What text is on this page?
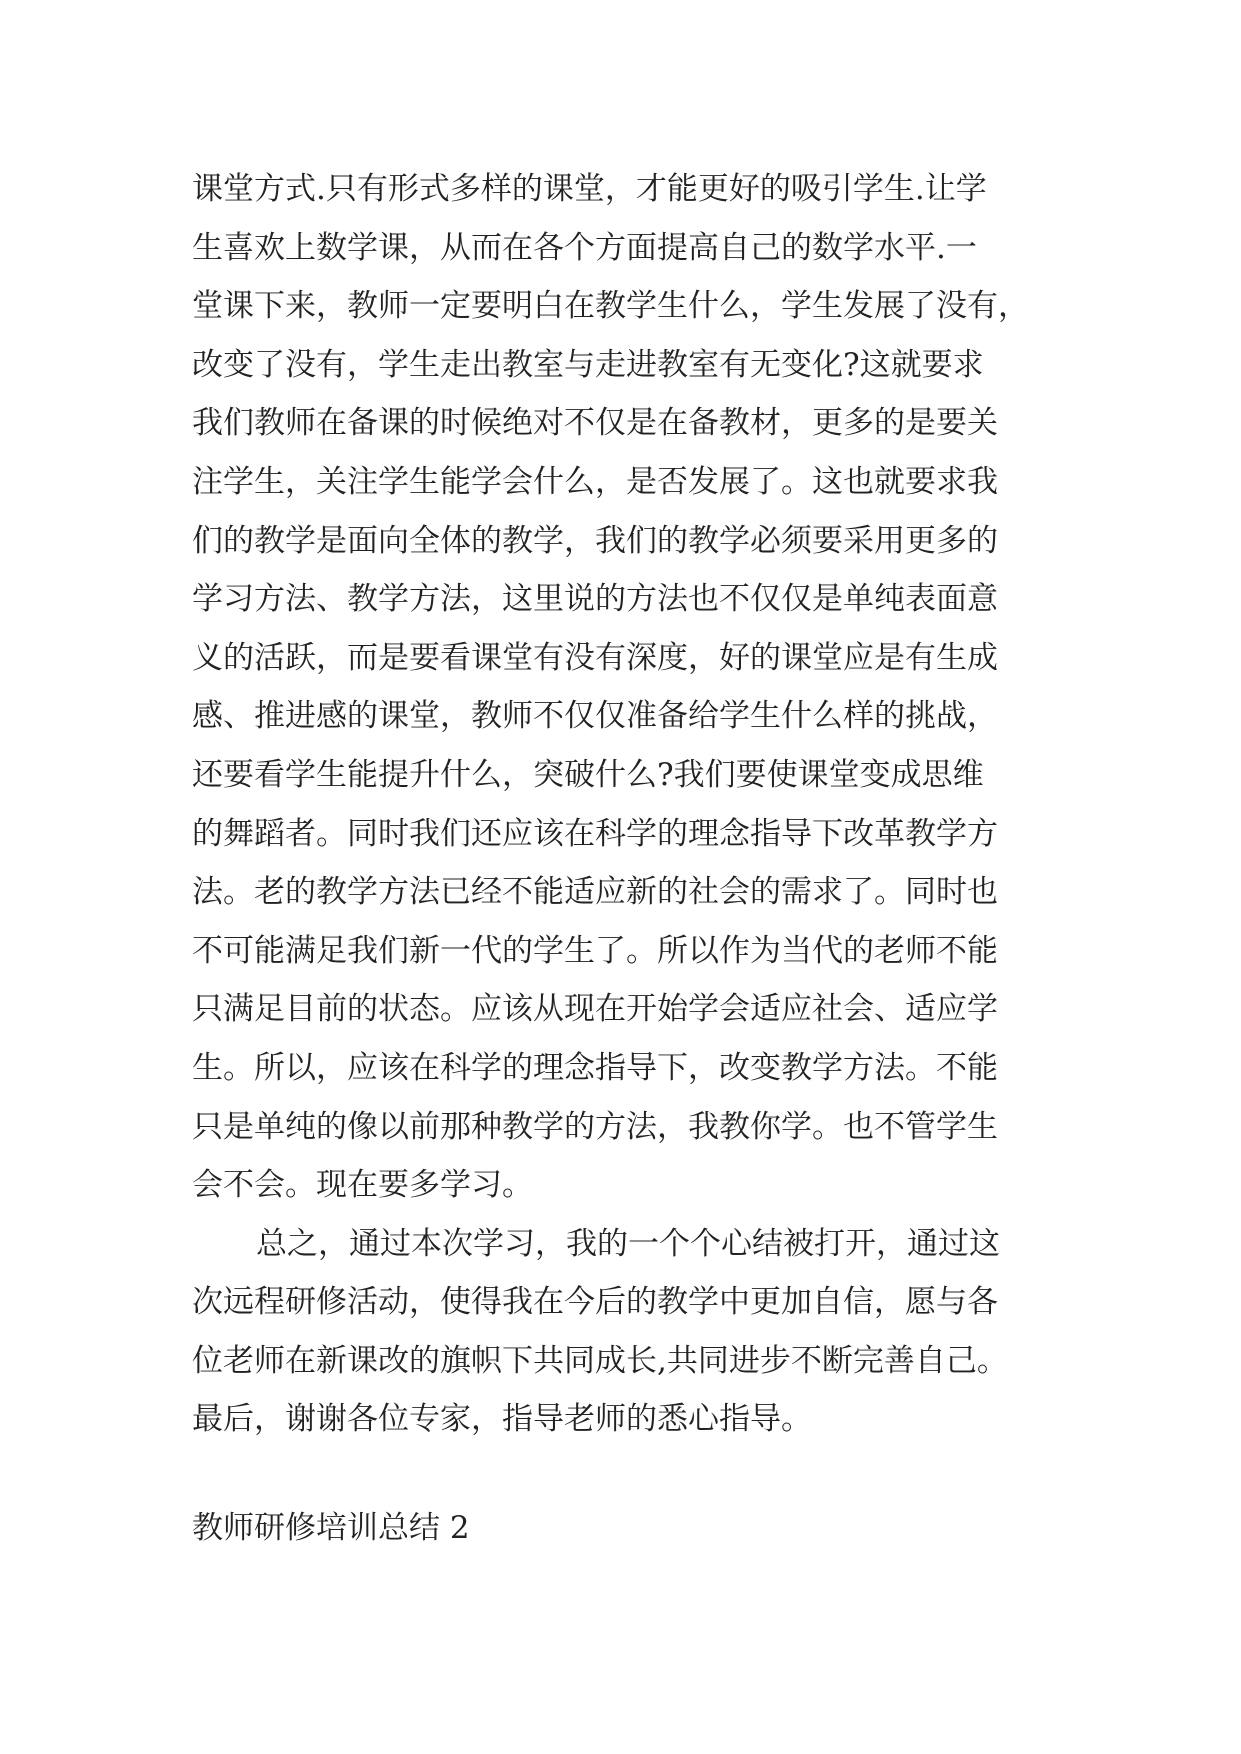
课堂方式.只有形式多样的课堂，才能更好的吸引学生.让学

生喜欢上数学课，从而在各个方面提高自己的数学水平.一

堂课下来，教师一定要明白在教学生什么，学生发展了没有，

改变了没有，学生走出教室与走进教室有无变化?这就要求

我们教师在备课的时候绝对不仅是在备教材，更多的是要关

注学生，关注学生能学会什么，是否发展了。这也就要求我

们的教学是面向全体的教学，我们的教学必须要采用更多的

学习方法、教学方法，这里说的方法也不仅仅是单纯表面意

义的活跃，而是要看课堂有没有深度，好的课堂应是有生成

感、推进感的课堂，教师不仅仅准备给学生什么样的挑战，

还要看学生能提升什么，突破什么?我们要使课堂变成思维

的舞蹈者。同时我们还应该在科学的理念指导下改革教学方

法。老的教学方法已经不能适应新的社会的需求了。同时也

不可能满足我们新一代的学生了。所以作为当代的老师不能

只满足目前的状态。应该从现在开始学会适应社会、适应学

生。所以，应该在科学的理念指导下，改变教学方法。不能

只是单纯的像以前那种教学的方法，我教你学。也不管学生

会不会。现在要多学习。

总之，通过本次学习，我的一个个心结被打开，通过这

次远程研修活动，使得我在今后的教学中更加自信，愿与各

位老师在新课改的旗帜下共同成长,共同进步不断完善自己。

最后，谢谢各位专家，指导老师的悉心指导。

教师研修培训总结 2
